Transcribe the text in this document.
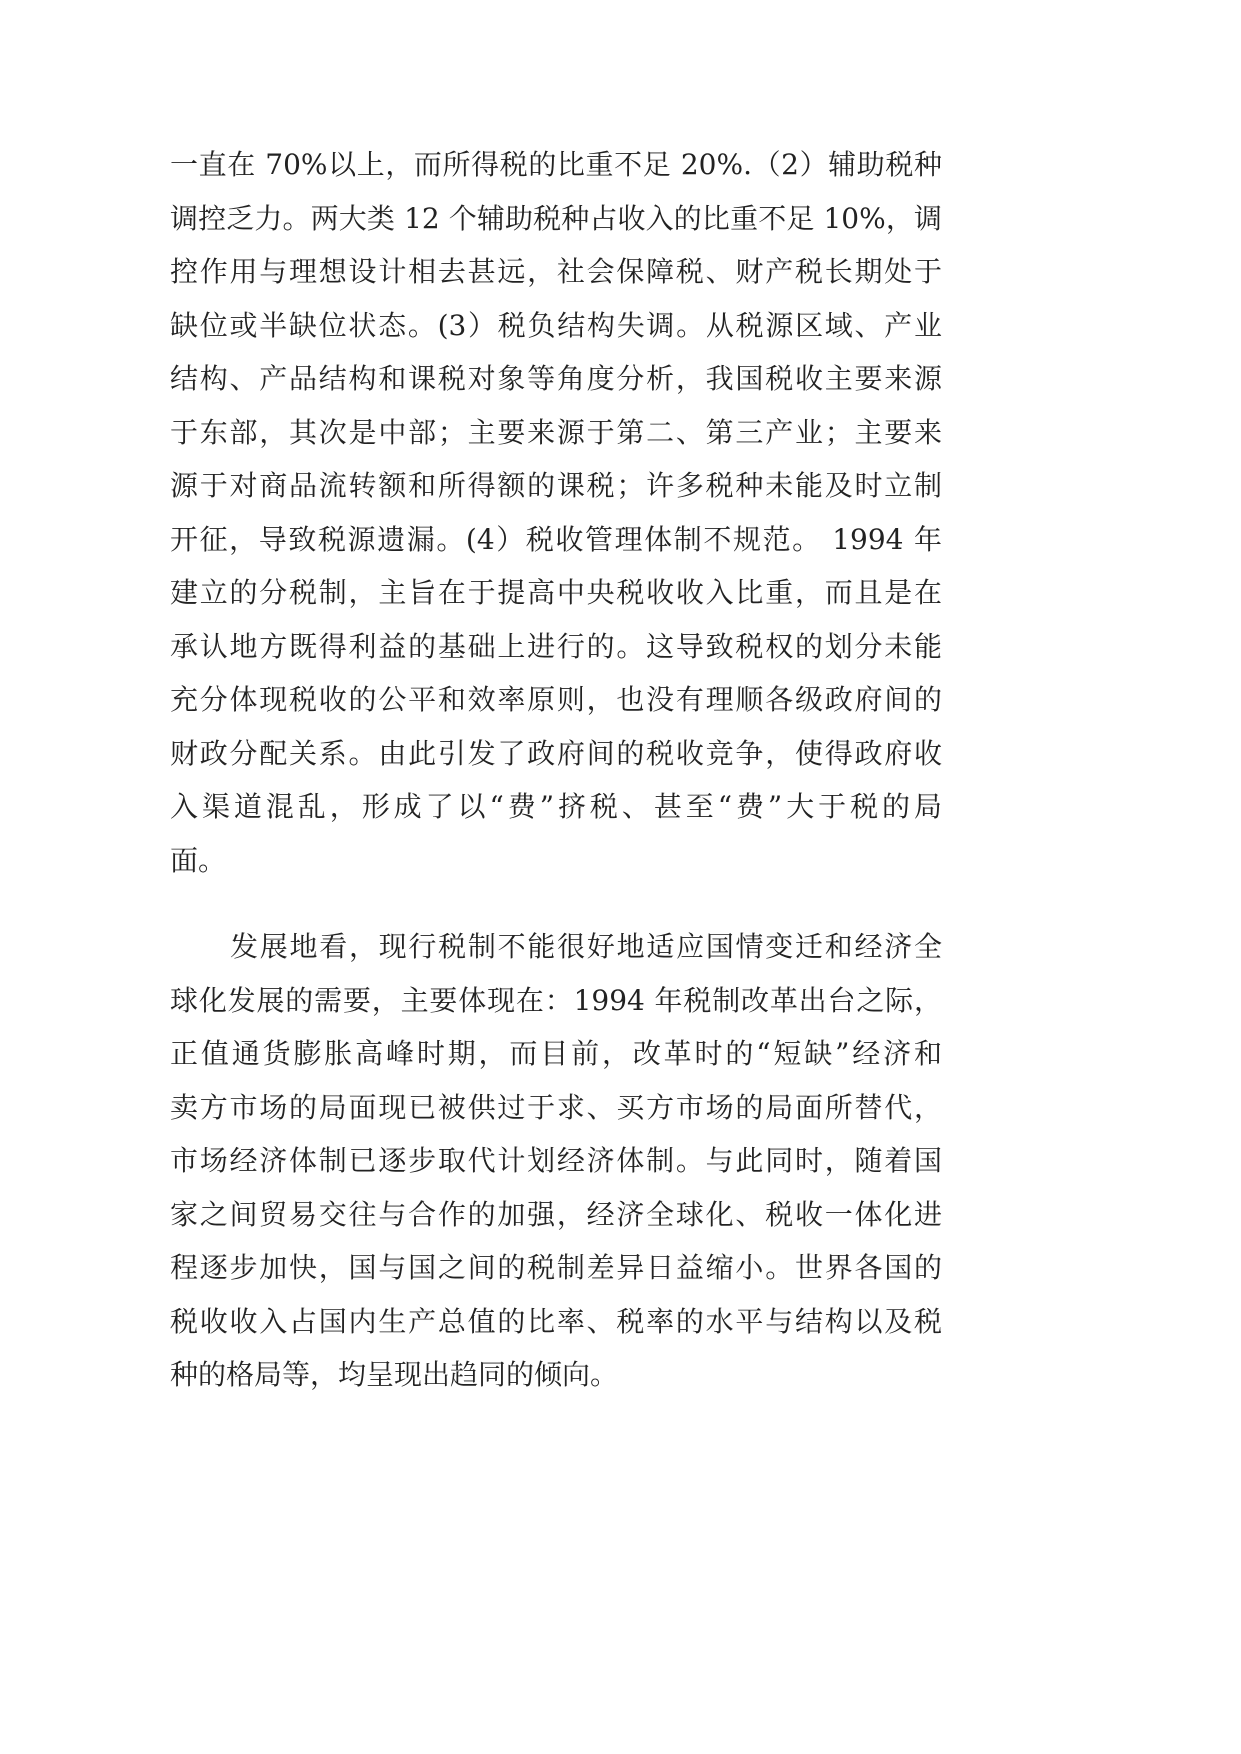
一直在 70%以上，而所得税的比重不足 20%.（2）辅助税种
调控乏力。两大类 12 个辅助税种占收入的比重不足 10%，调
控作用与理想设计相去甚远，社会保障税、财产税长期处于
缺位或半缺位状态。(3）税负结构失调。从税源区域、产业
结构、产品结构和课税对象等角度分析，我国税收主要来源
于东部，其次是中部；主要来源于第二、第三产业；主要来
源于对商品流转额和所得额的课税；许多税种未能及时立制
开征，导致税源遗漏。(4）税收管理体制不规范。 1994 年
建立的分税制，主旨在于提高中央税收收入比重，而且是在
承认地方既得利益的基础上进行的。这导致税权的划分未能
充分体现税收的公平和效率原则，也没有理顺各级政府间的
财政分配关系。由此引发了政府间的税收竞争，使得政府收
入渠道混乱，形成了以“费”挤税、甚至“费”大于税的局
面。
发展地看，现行税制不能很好地适应国情变迁和经济全
球化发展的需要，主要体现在：1994 年税制改革出台之际，
正值通货膨胀高峰时期，而目前，改革时的“短缺”经济和
卖方市场的局面现已被供过于求、买方市场的局面所替代，
市场经济体制已逐步取代计划经济体制。与此同时，随着国
家之间贸易交往与合作的加强，经济全球化、税收一体化进
程逐步加快，国与国之间的税制差异日益缩小。世界各国的
税收收入占国内生产总值的比率、税率的水平与结构以及税
种的格局等，均呈现出趋同的倾向。
